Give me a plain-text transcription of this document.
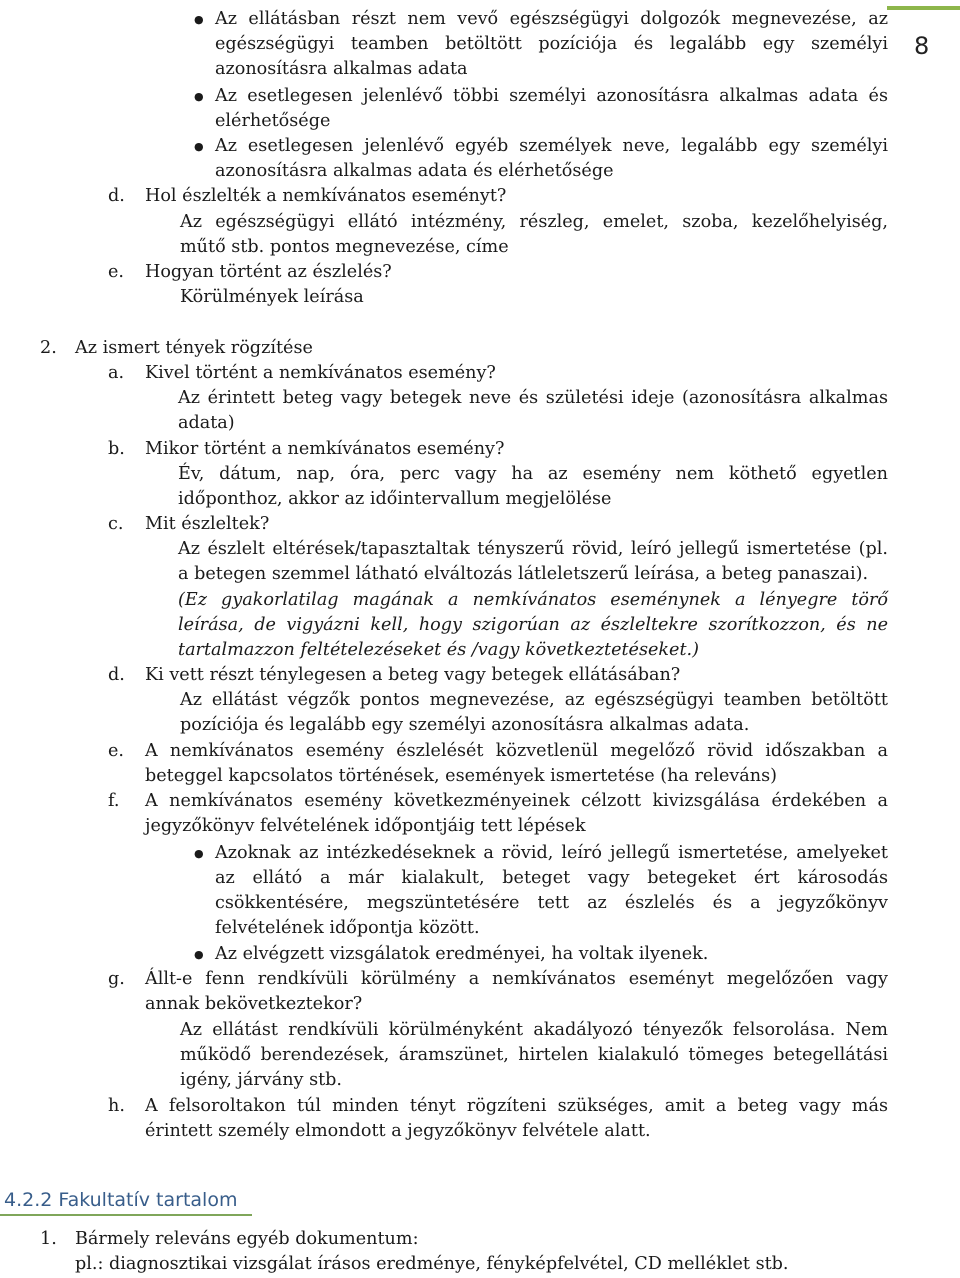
8
● Az ellátásban részt nem vevő egészségügyi dolgozók megnevezése, az
egészségügyi teamben betöltött pozíciója és legalább egy személyi
azonosításra alkalmas adata
● Az esetlegesen jelenlévő többi személyi azonosításra alkalmas adata és
elérhetősége
● Az esetlegesen jelenlévő egyéb személyek neve, legalább egy személyi
azonosításra alkalmas adata és elérhetősége
d. Hol észlelték a nemkívánatos eseményt?
Az egészségügyi ellátó intézmény, részleg, emelet, szoba, kezelőhelyiség,
műtő stb. pontos megnevezése, címe
e. Hogyan történt az észlelés?
Körülmények leírása
2. Az ismert tények rögzítése
a. Kivel történt a nemkívánatos esemény?
Az érintett beteg vagy betegek neve és születési ideje (azonosításra alkalmas
adata)
b. Mikor történt a nemkívánatos esemény?
Év, dátum, nap, óra, perc vagy ha az esemény nem köthető egyetlen
időponthoz, akkor az időintervallum megjelölése
c. Mit észleltek?
Az észlelt eltérések/tapasztaltak tényszerű rövid, leíró jellegű ismertetése (pl.
a betegen szemmel látható elváltozás látleletszerű leírása, a beteg panaszai).
(Ez gyakorlatilag magának a nemkívánatos eseménynek a lényegre törő
leírása, de vigyázni kell, hogy szigorúan az észleltekre szorítkozzon, és ne
tartalmazzon feltételezéseket és /vagy következtetéseket.)
d. Ki vett részt ténylegesen a beteg vagy betegek ellátásában?
Az ellátást végzők pontos megnevezése, az egészségügyi teamben betöltött
pozíciója és legalább egy személyi azonosításra alkalmas adata.
e. A nemkívánatos esemény észlelését közvetlenül megelőző rövid időszakban a
beteggel kapcsolatos történések, események ismertetése (ha releváns)
f. A nemkívánatos esemény következményeinek célzott kivizsgálása érdekében a
jegyzőkönyv felvételének időpontjáig tett lépések
● Azoknak az intézkedéseknek a rövid, leíró jellegű ismertetése, amelyeket
az ellátó a már kialakult, beteget vagy betegeket ért károsodás
csökkentésére, megszüntetésére tett az észlelés és a jegyzőkönyv
felvételének időpontja között.
● Az elvégzett vizsgálatok eredményei, ha voltak ilyenek.
g. Állt-e fenn rendkívüli körülmény a nemkívánatos eseményt megelőzően vagy
annak bekövetkeztekor?
Az ellátást rendkívüli körülményként akadályozó tényezők felsorolása. Nem
működő berendezések, áramszünet, hirtelen kialakuló tömeges betegellátási
igény, járvány stb.
h. A felsoroltakon túl minden tényt rögzíteni szükséges, amit a beteg vagy más
érintett személy elmondott a jegyzőkönyv felvétele alatt.
4.2.2 Fakultatív tartalom
1. Bármely releváns egyéb dokumentum:
pl.: diagnosztikai vizsgálat írásos eredménye, fényképfelvétel, CD melléklet stb.
